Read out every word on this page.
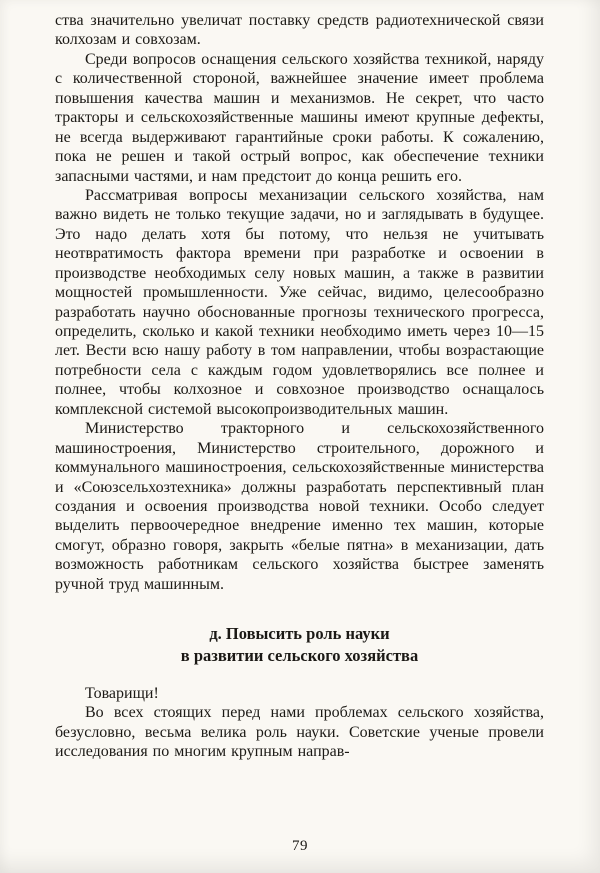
ства значительно увеличат поставку средств радиотехнической связи колхозам и совхозам.

Среди вопросов оснащения сельского хозяйства техникой, наряду с количественной стороной, важнейшее значение имеет проблема повышения качества машин и механизмов. Не секрет, что часто тракторы и сельскохозяйственные машины имеют крупные дефекты, не всегда выдерживают гарантийные сроки работы. К сожалению, пока не решен и такой острый вопрос, как обеспечение техники запасными частями, и нам предстоит до конца решить его.

Рассматривая вопросы механизации сельского хозяйства, нам важно видеть не только текущие задачи, но и заглядывать в будущее. Это надо делать хотя бы потому, что нельзя не учитывать неотвратимость фактора времени при разработке и освоении в производстве необходимых селу новых машин, а также в развитии мощностей промышленности. Уже сейчас, видимо, целесообразно разработать научно обоснованные прогнозы технического прогресса, определить, сколько и какой техники необходимо иметь через 10—15 лет. Вести всю нашу работу в том направлении, чтобы возрастающие потребности села с каждым годом удовлетворялись все полнее и полнее, чтобы колхозное и совхозное производство оснащалось комплексной системой высокопроизводительных машин.

Министерство тракторного и сельскохозяйственного машиностроения, Министерство строительного, дорожного и коммунального машиностроения, сельскохозяйственные министерства и «Союзсельхозтехника» должны разработать перспективный план создания и освоения производства новой техники. Особо следует выделить первоочередное внедрение именно тех машин, которые смогут, образно говоря, закрыть «белые пятна» в механизации, дать возможность работникам сельского хозяйства быстрее заменять ручной труд машинным.

д. Повысить роль науки
в развитии сельского хозяйства

Товарищи!

Во всех стоящих перед нами проблемах сельского хозяйства, безусловно, весьма велика роль науки. Советские ученые провели исследования по многим крупным направ-

79
